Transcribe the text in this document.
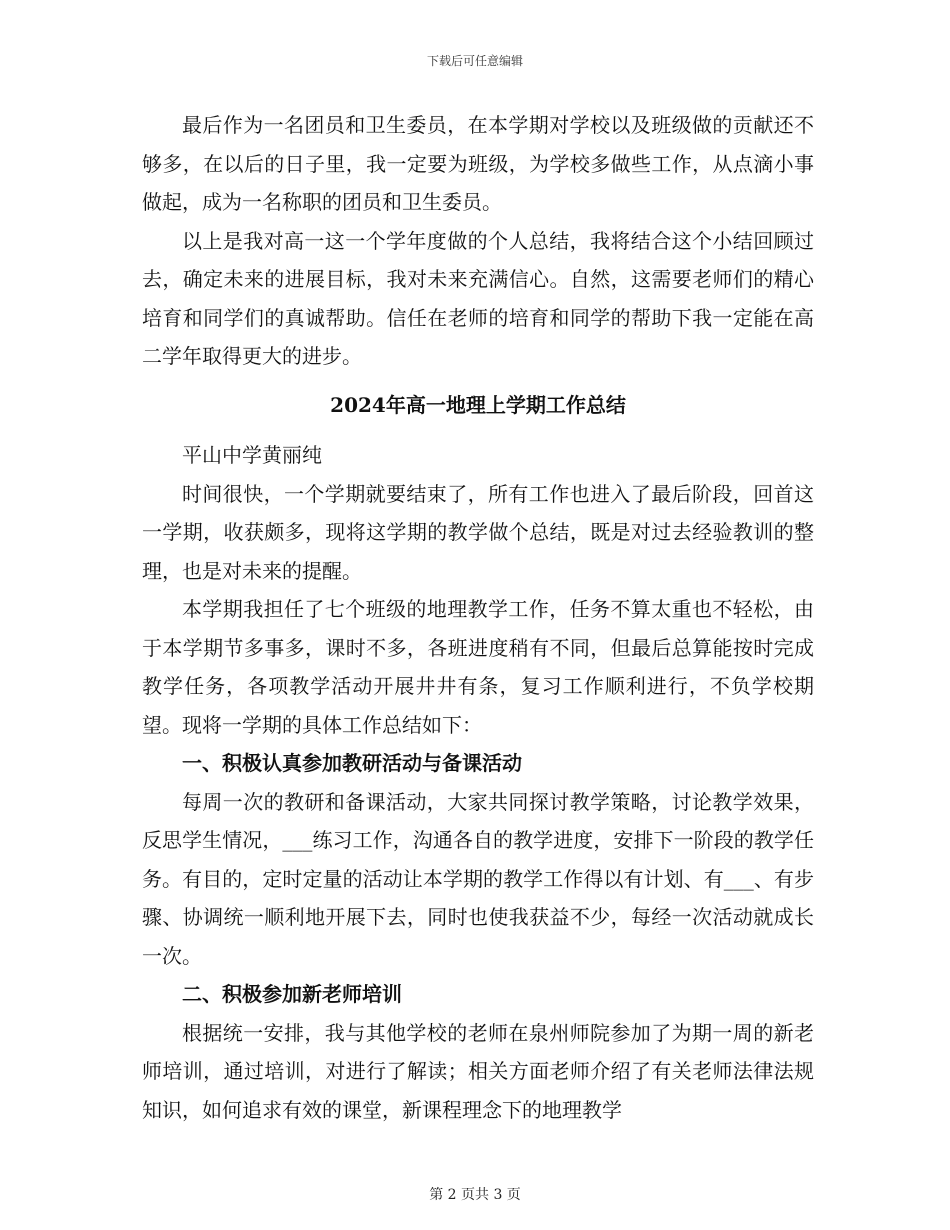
下载后可任意编辑

最后作为一名团员和卫生委员，在本学期对学校以及班级做的贡献还不够多，在以后的日子里，我一定要为班级，为学校多做些工作，从点滴小事做起，成为一名称职的团员和卫生委员。

以上是我对高一这一个学年度做的个人总结，我将结合这个小结回顾过去，确定未来的进展目标，我对未来充满信心。自然，这需要老师们的精心培育和同学们的真诚帮助。信任在老师的培育和同学的帮助下我一定能在高二学年取得更大的进步。

2024年高一地理上学期工作总结

平山中学黄丽纯

时间很快，一个学期就要结束了，所有工作也进入了最后阶段，回首这一学期，收获颇多，现将这学期的教学做个总结，既是对过去经验教训的整理，也是对未来的提醒。

本学期我担任了七个班级的地理教学工作，任务不算太重也不轻松，由于本学期节多事多，课时不多，各班进度稍有不同，但最后总算能按时完成教学任务，各项教学活动开展井井有条，复习工作顺利进行，不负学校期望。现将一学期的具体工作总结如下：

一、积极认真参加教研活动与备课活动

每周一次的教研和备课活动，大家共同探讨教学策略，讨论教学效果，反思学生情况，___练习工作，沟通各自的教学进度，安排下一阶段的教学任务。有目的，定时定量的活动让本学期的教学工作得以有计划、有___、有步骤、协调统一顺利地开展下去，同时也使我获益不少，每经一次活动就成长一次。

二、积极参加新老师培训

根据统一安排，我与其他学校的老师在泉州师院参加了为期一周的新老师培训，通过培训，对进行了解读；相关方面老师介绍了有关老师法律法规知识，如何追求有效的课堂，新课程理念下的地理教学

第 2 页共 3 页
